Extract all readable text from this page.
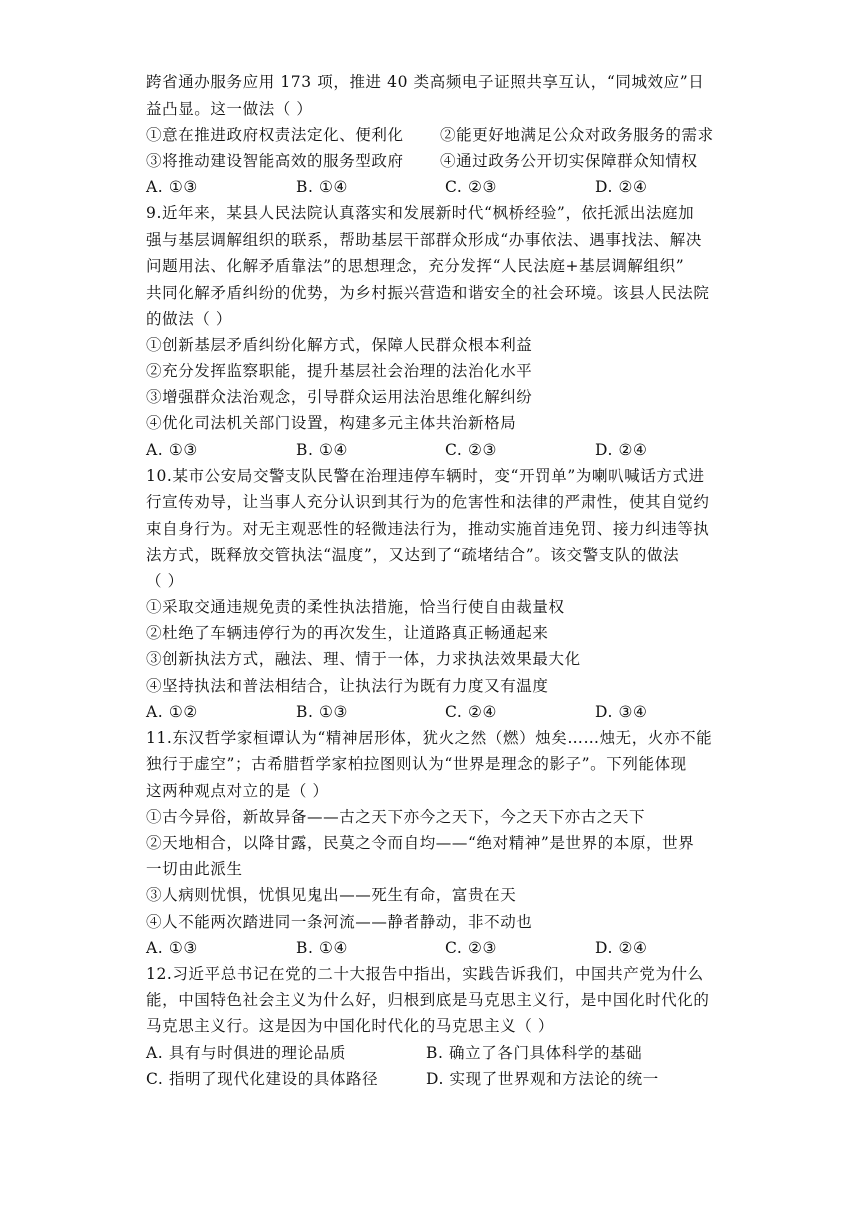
跨省通办服务应用 173 项，推进 40 类高频电子证照共享互认，“同城效应”日
益凸显。这一做法（ ）
①意在推进政府权责法定化、便利化 ②能更好地满足公众对政务服务的需求
③将推动建设智能高效的服务型政府 ④通过政务公开切实保障群众知情权
A. ①③	B. ①④	C. ②③	D. ②④
9.近年来，某县人民法院认真落实和发展新时代“枫桥经验”，依托派出法庭加
强与基层调解组织的联系，帮助基层干部群众形成“办事依法、遇事找法、解决
问题用法、化解矛盾靠法”的思想理念，充分发挥“人民法庭+基层调解组织”
共同化解矛盾纠纷的优势，为乡村振兴营造和谐安全的社会环境。该县人民法院
的做法（ ）
①创新基层矛盾纠纷化解方式，保障人民群众根本利益
②充分发挥监察职能，提升基层社会治理的法治化水平
③增强群众法治观念，引导群众运用法治思维化解纠纷
④优化司法机关部门设置，构建多元主体共治新格局
A. ①③	B. ①④	C. ②③	D. ②④
10.某市公安局交警支队民警在治理违停车辆时，变“开罚单”为喇叭喊话方式进
行宣传劝导，让当事人充分认识到其行为的危害性和法律的严肃性，使其自觉约
束自身行为。对无主观恶性的轻微违法行为，推动实施首违免罚、接力纠违等执
法方式，既释放交管执法“温度”，又达到了“疏堵结合”。该交警支队的做法
（ ）
①采取交通违规免责的柔性执法措施，恰当行使自由裁量权
②杜绝了车辆违停行为的再次发生，让道路真正畅通起来
③创新执法方式，融法、理、情于一体，力求执法效果最大化
④坚持执法和普法相结合，让执法行为既有力度又有温度
A. ①②	B. ①③	C. ②④	D. ③④
11.东汉哲学家桓谭认为“精神居形体，犹火之然（燃）烛矣……烛无，火亦不能
独行于虚空”；古希腊哲学家柏拉图则认为“世界是理念的影子”。下列能体现
这两种观点对立的是（ ）
①古今异俗，新故异备——古之天下亦今之天下，今之天下亦古之天下
②天地相合，以降甘露，民莫之令而自均——“绝对精神”是世界的本原，世界
一切由此派生
③人病则忧惧，忧惧见鬼出——死生有命，富贵在天
④人不能两次踏进同一条河流——静者静动，非不动也
A. ①③	B. ①④	C. ②③	D. ②④
12.习近平总书记在党的二十大报告中指出，实践告诉我们，中国共产党为什么
能，中国特色社会主义为什么好，归根到底是马克思主义行，是中国化时代化的
马克思主义行。这是因为中国化时代化的马克思主义（ ）
A. 具有与时俱进的理论品质	B. 确立了各门具体科学的基础
C. 指明了现代化建设的具体路径	D. 实现了世界观和方法论的统一
